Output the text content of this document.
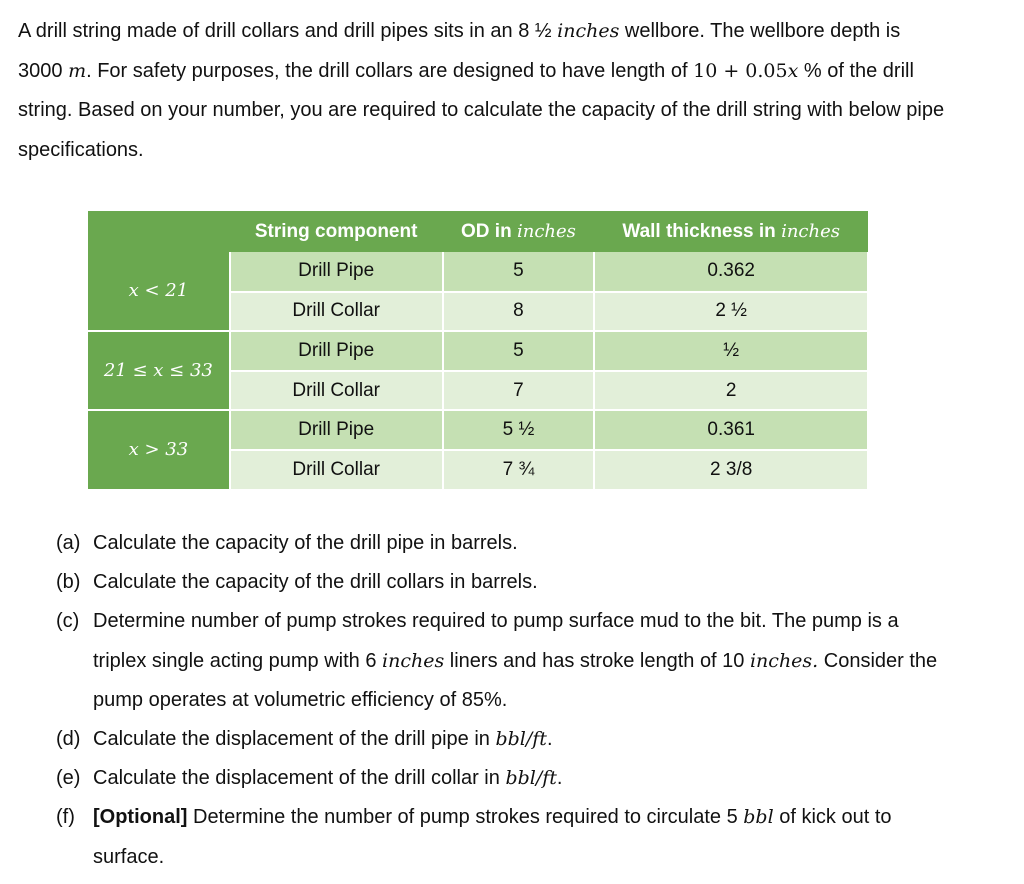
A drill string made of drill collars and drill pipes sits in an 8 ½ inches wellbore. The wellbore depth is 3000 m. For safety purposes, the drill collars are designed to have length of 10 + 0.05x % of the drill string. Based on your number, you are required to calculate the capacity of the drill string with below pipe specifications.

	String component	OD in inches	Wall thickness in inches
x < 21	Drill Pipe	5	0.362
	Drill Collar	8	2 ½
21 ≤ x ≤ 33	Drill Pipe	5	½
	Drill Collar	7	2
x > 33	Drill Pipe	5 ½	0.361
	Drill Collar	7 ¾	2 3/8
(a) Calculate the capacity of the drill pipe in barrels.
(b) Calculate the capacity of the drill collars in barrels.
(c) Determine number of pump strokes required to pump surface mud to the bit. The pump is a triplex single acting pump with 6 inches liners and has stroke length of 10 inches. Consider the pump operates at volumetric efficiency of 85%.
(d) Calculate the displacement of the drill pipe in bbl/ft.
(e) Calculate the displacement of the drill collar in bbl/ft.
(f) [Optional] Determine the number of pump strokes required to circulate 5 bbl of kick out to surface.
